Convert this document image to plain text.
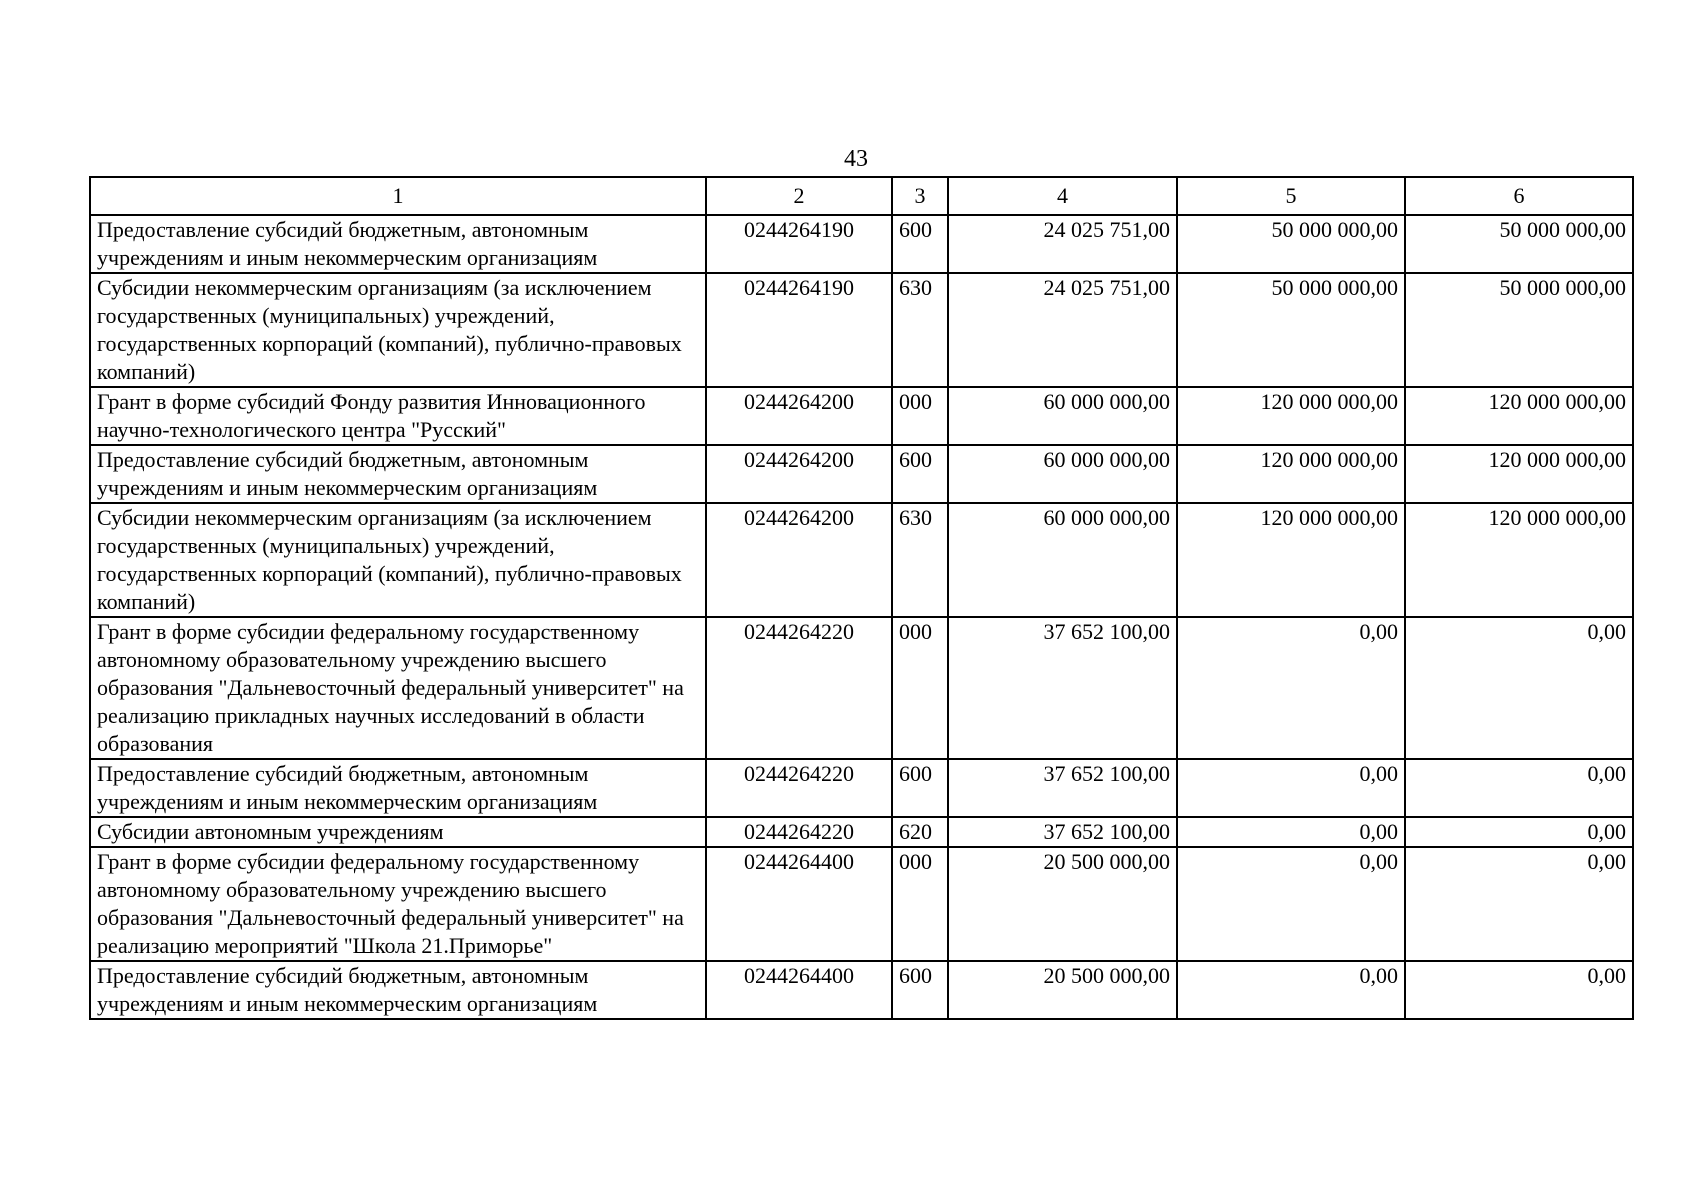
43
1	2	3	4	5	6
Предоставление субсидий бюджетным, автономным учреждениям и иным некоммерческим организациям	0244264190	600	24 025 751,00	50 000 000,00	50 000 000,00
Субсидии некоммерческим организациям (за исключением государственных (муниципальных) учреждений, государственных корпораций (компаний), публично-правовых компаний)	0244264190	630	24 025 751,00	50 000 000,00	50 000 000,00
Грант в форме субсидий Фонду развития Инновационного научно-технологического центра "Русский"	0244264200	000	60 000 000,00	120 000 000,00	120 000 000,00
Предоставление субсидий бюджетным, автономным учреждениям и иным некоммерческим организациям	0244264200	600	60 000 000,00	120 000 000,00	120 000 000,00
Субсидии некоммерческим организациям (за исключением государственных (муниципальных) учреждений, государственных корпораций (компаний), публично-правовых компаний)	0244264200	630	60 000 000,00	120 000 000,00	120 000 000,00
Грант в форме субсидии федеральному государственному автономному образовательному учреждению высшего образования "Дальневосточный федеральный университет" на реализацию прикладных научных исследований в области образования	0244264220	000	37 652 100,00	0,00	0,00
Предоставление субсидий бюджетным, автономным учреждениям и иным некоммерческим организациям	0244264220	600	37 652 100,00	0,00	0,00
Субсидии автономным учреждениям	0244264220	620	37 652 100,00	0,00	0,00
Грант в форме субсидии федеральному государственному автономному образовательному учреждению высшего образования "Дальневосточный федеральный университет" на реализацию мероприятий "Школа 21.Приморье"	0244264400	000	20 500 000,00	0,00	0,00
Предоставление субсидий бюджетным, автономным учреждениям и иным некоммерческим организациям	0244264400	600	20 500 000,00	0,00	0,00
